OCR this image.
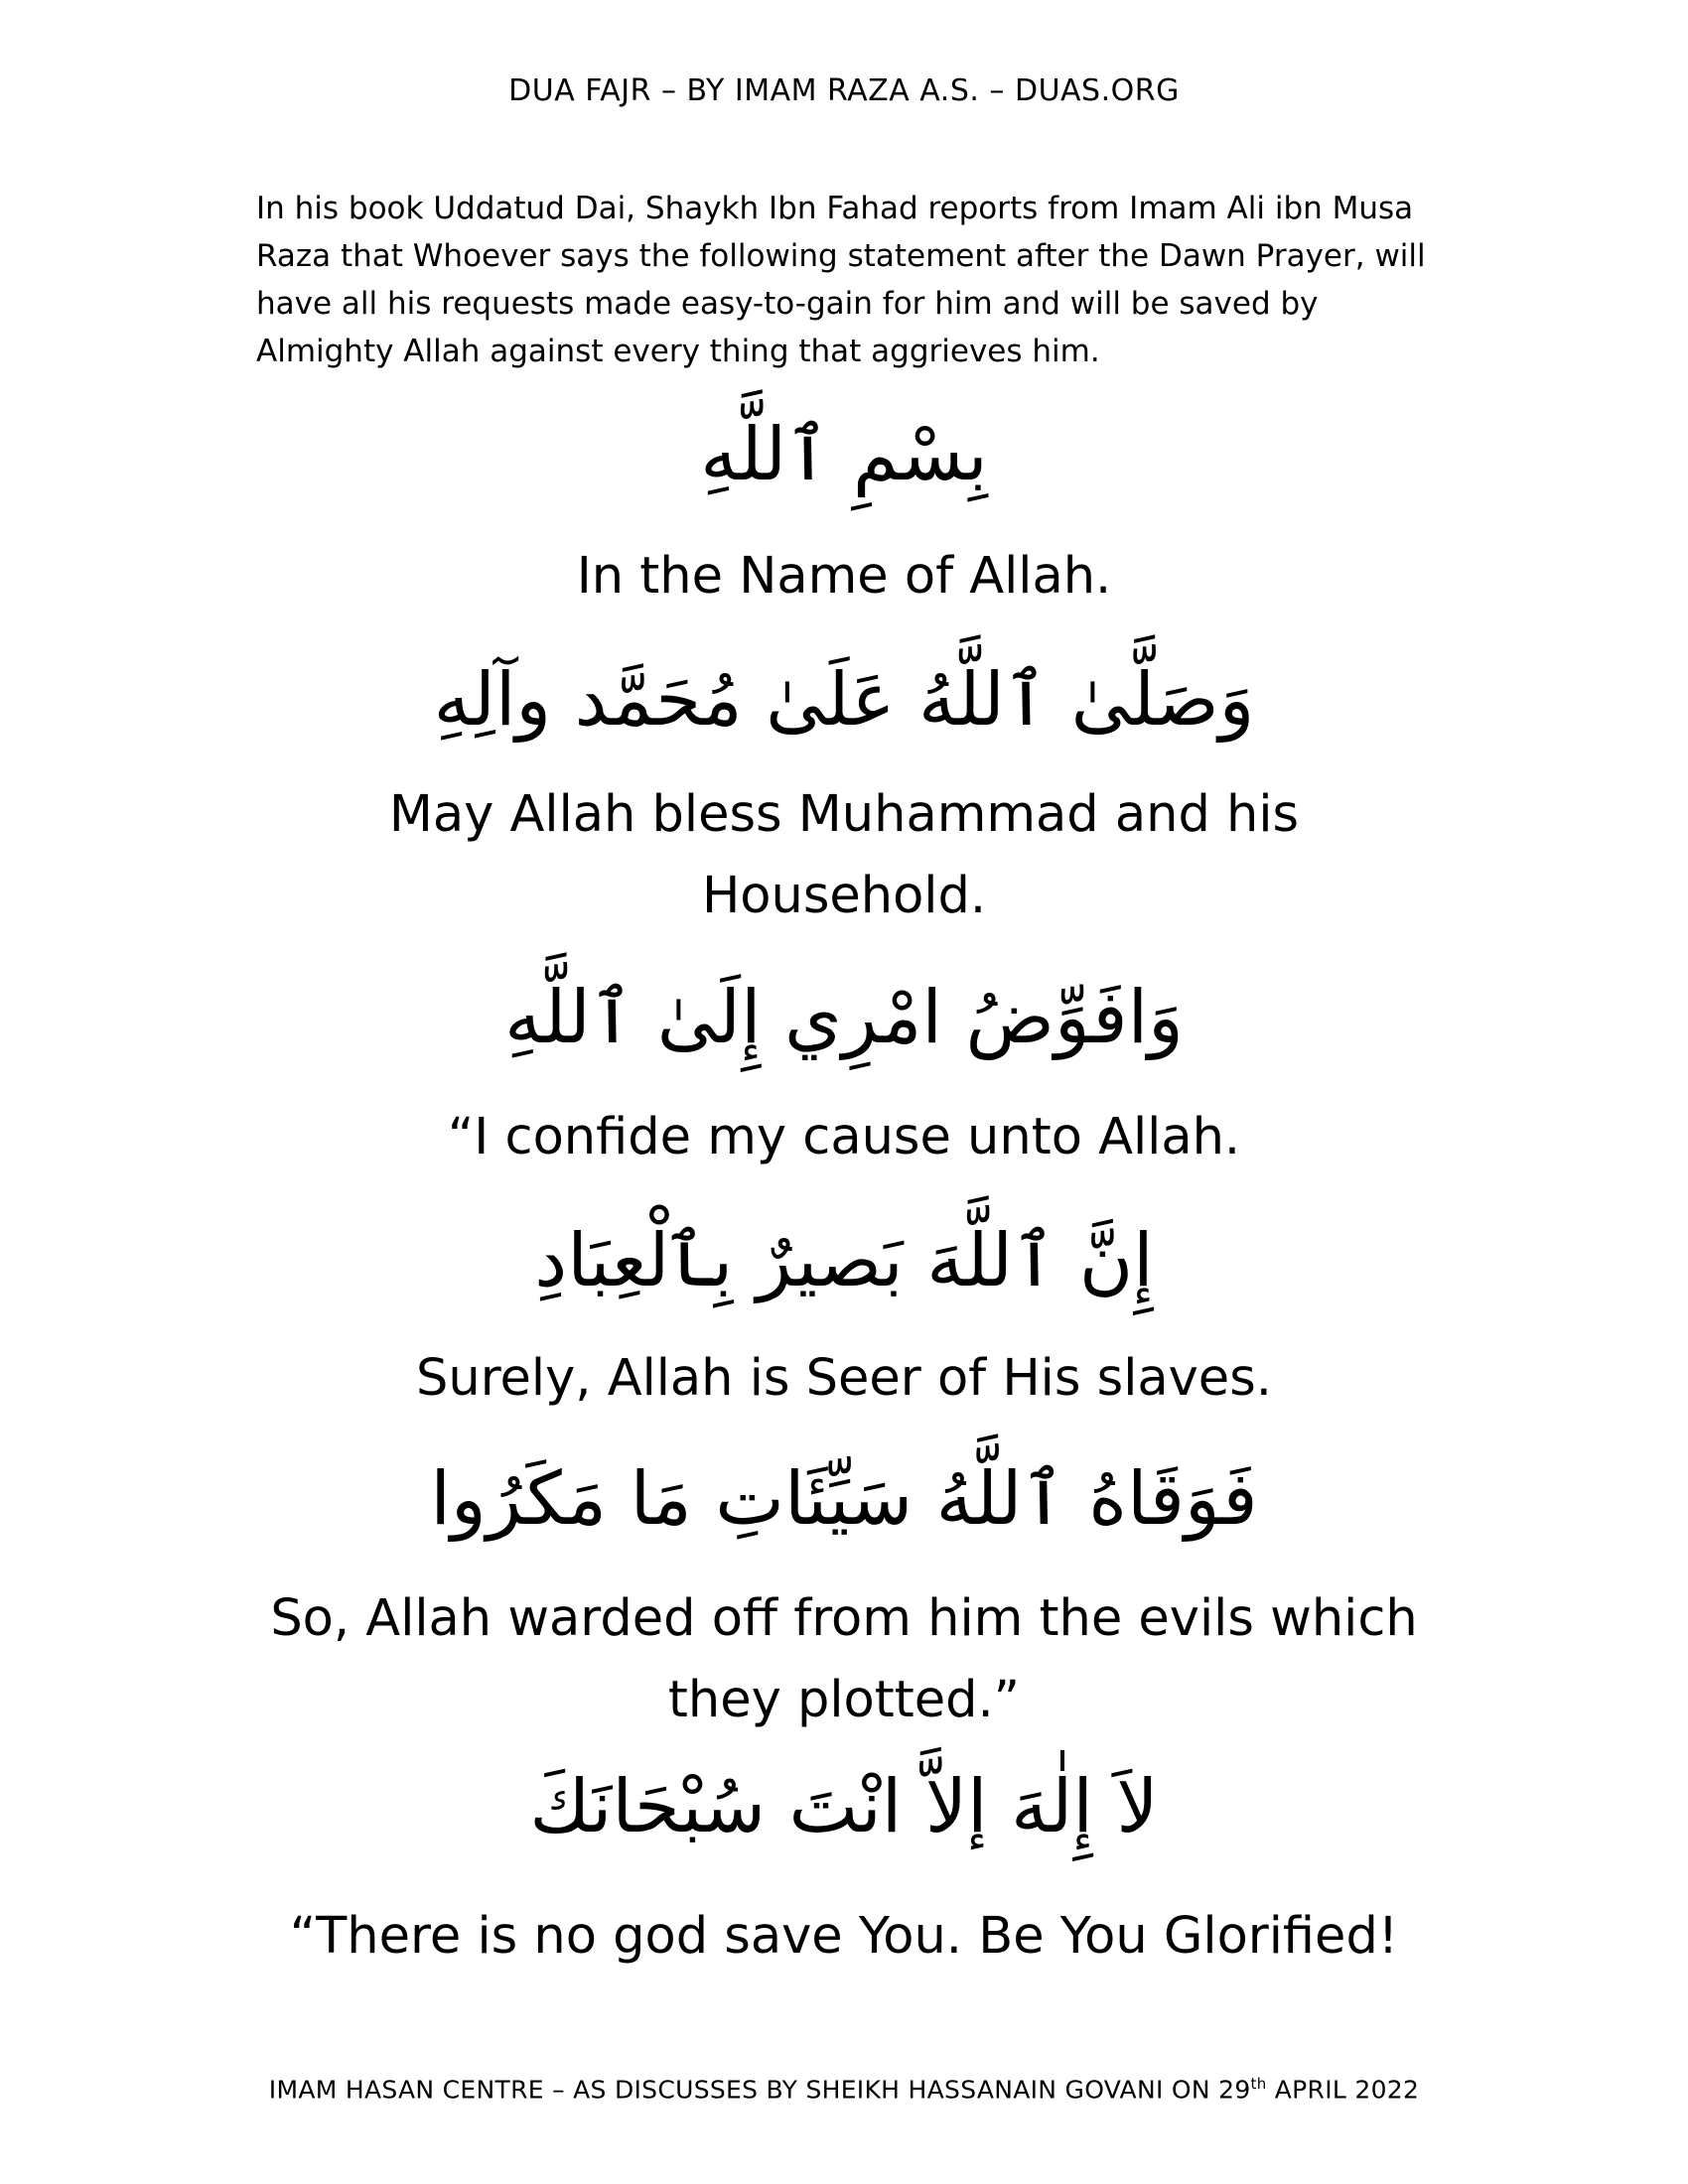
DUA FAJR – BY IMAM RAZA A.S. – DUAS.ORG
In his book Uddatud Dai, Shaykh Ibn Fahad reports from Imam Ali ibn Musa Raza that Whoever says the following statement after the Dawn Prayer, will have all his requests made easy-to-gain for him and will be saved by Almighty Allah against every thing that aggrieves him.
بِسْمِ ٱللَّهِ
In the Name of Allah.
وَصَلَّىٰ ٱللَّهُ عَلَىٰ مُحَمَّد وآلِهِ
May Allah bless Muhammad and his Household.
وَافَوِّضُ امْرِي إِلَىٰ ٱللَّهِ
“I confide my cause unto Allah.
إِنَّ ٱللَّهَ بَصيرٌ بِٱلْعِبَادِ
Surely, Allah is Seer of His slaves.
فَوَقَاهُ ٱللَّهُ سَيِّئَاتِ مَا مَكَرُوا
So, Allah warded off from him the evils which they plotted.”
لاَ إِلٰهَ إلاَّ انْتَ سُبْحَانَكَ
“There is no god save You. Be You Glorified!
IMAM HASAN CENTRE – AS DISCUSSES BY SHEIKH HASSANAIN GOVANI ON 29th APRIL 2022
